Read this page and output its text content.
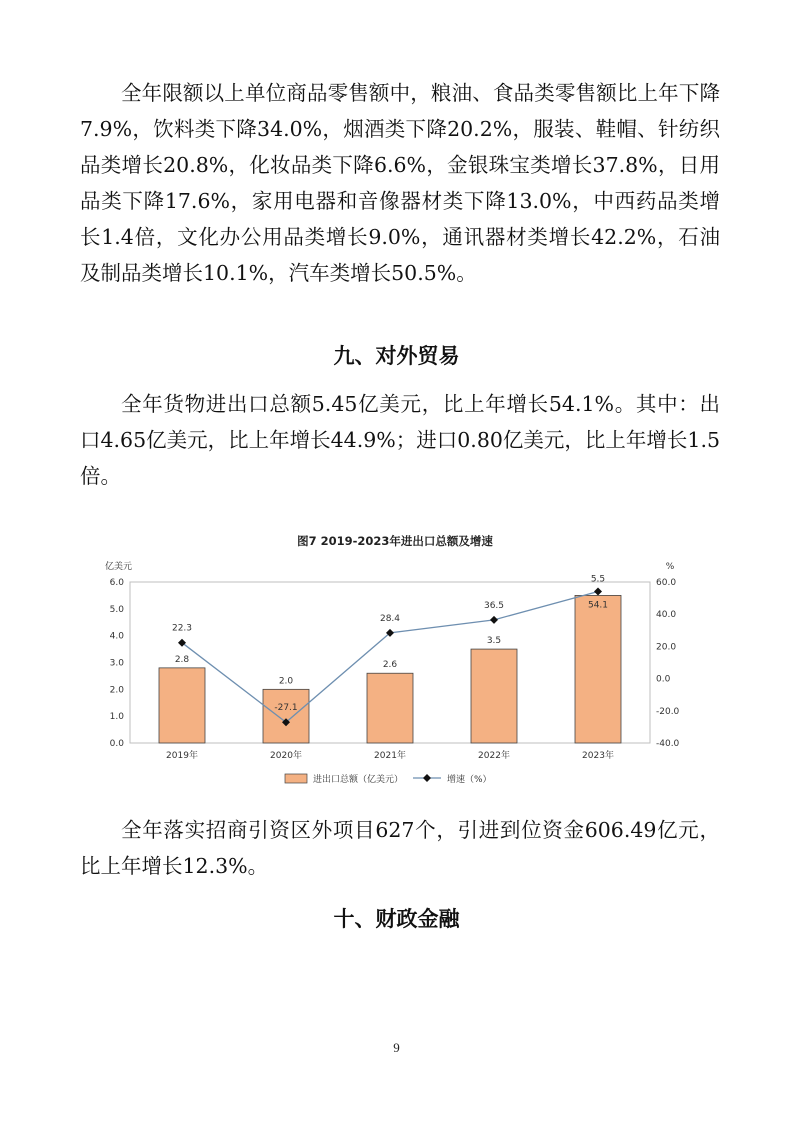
全年限额以上单位商品零售额中，粮油、食品类零售额比上年下降7.9%，饮料类下降34.0%，烟酒类下降20.2%，服装、鞋帽、针纺织品类增长20.8%，化妆品类下降6.6%，金银珠宝类增长37.8%，日用品类下降17.6%，家用电器和音像器材类下降13.0%，中西药品类增长1.4倍，文化办公用品类增长9.0%，通讯器材类增长42.2%，石油及制品类增长10.1%，汽车类增长50.5%。

九、对外贸易

全年货物进出口总额5.45亿美元，比上年增长54.1%。其中：出口4.65亿美元，比上年增长44.9%；进口0.80亿美元，比上年增长1.5倍。

图7 2019-2023年进出口总额及增速
亿美元	%
0.0
1.0
2.0
3.0
4.0
5.0
6.0
-40.0
-20.0
0.0
20.0
40.0
60.0
2.8
2.0
2.6
3.5
5.5
2019年	2020年	2021年	2022年	2023年
22.3
-27.1
28.4
36.5	54.1
进出口总额（亿美元）	增速（%）

全年落实招商引资区外项目627个，引进到位资金606.49亿元，比上年增长12.3%。

十、财政金融
9
